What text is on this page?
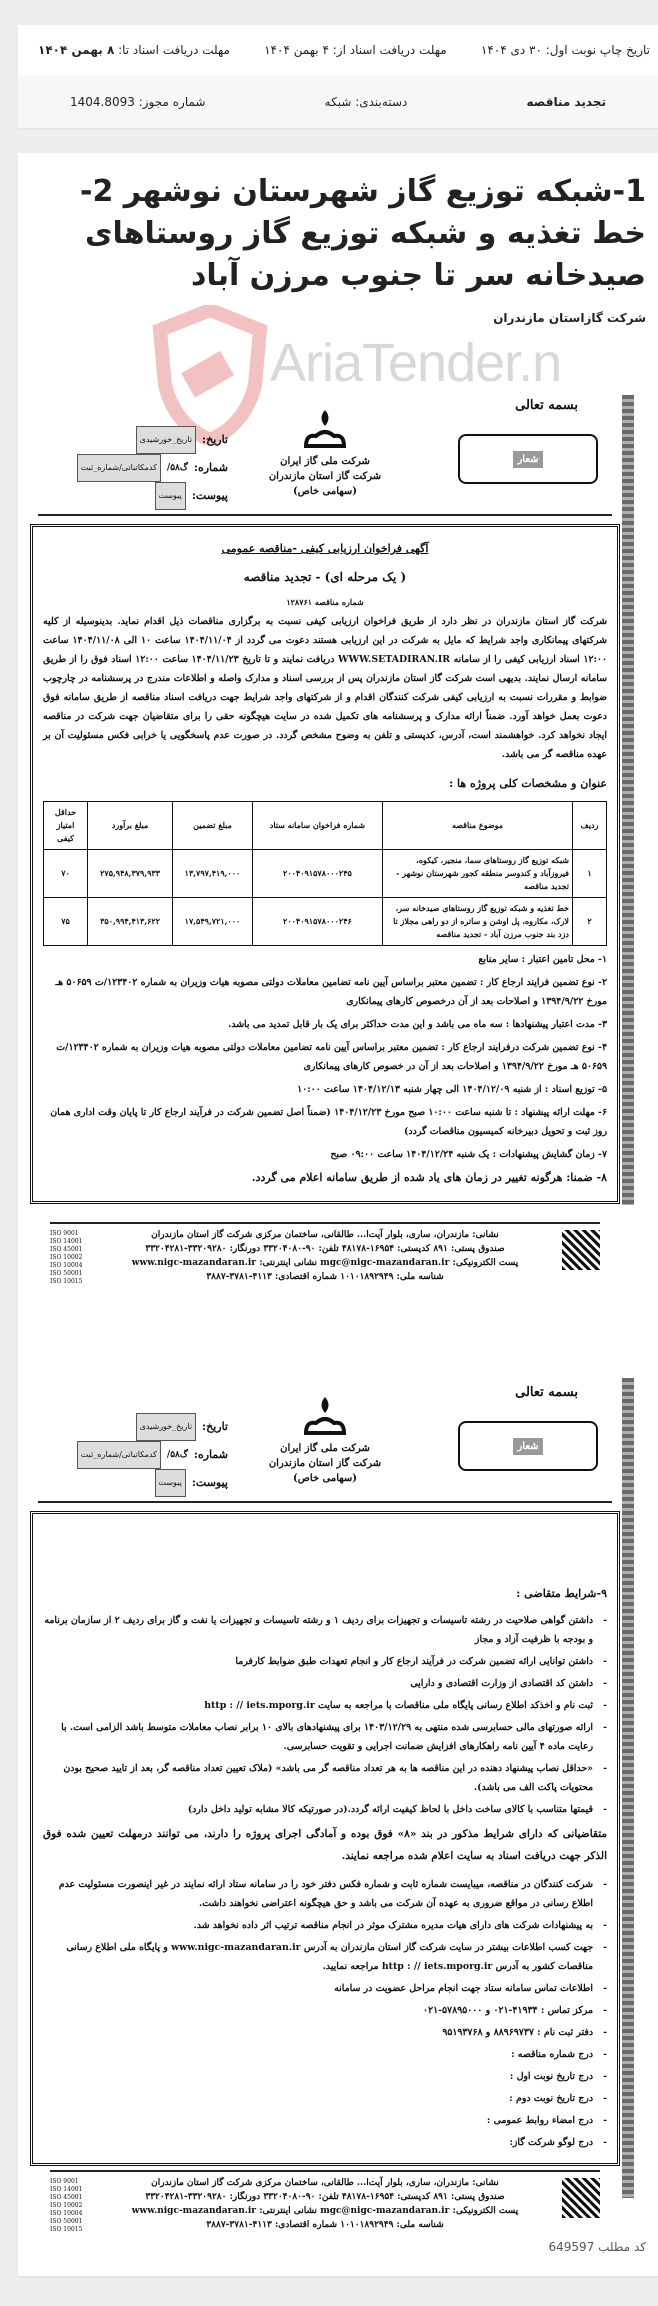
تاریخ چاپ نوبت اول: ۳۰ دی ۱۴۰۴
مهلت دریافت اسناد از: ۴ بهمن ۱۴۰۴
مهلت دریافت اسناد تا: ۸ بهمن ۱۴۰۴
تجدید مناقصه
دسته‌بندی: شبکه
شماره مجوز: 1404.8093
1-شبکه توزیع گاز شهرستان نوشهر 2-خط تغذیه و شبکه توزیع گاز روستاهای صیدخانه سر تا جنوب مرزن آباد
شرکت گازاستان مازندران
کد مطلب 649597
AriaTender.n
بسمه تعالی
شعار
شرکت ملی گاز ایران
شرکت گاز استان مازندران (سهامی خاص)
تاریخ:
تاریخ_خورشیدی
شماره:
گ۵۸/
کدمکاتباتی/شماره_ثبت
پیوست:
پیوست
آگهی فراخوان ارزیابی کیفی -مناقصه عمومی
( یک مرحله ای) - تجدید مناقصه
شماره مناقصه ۱۲۸۷۶۱

شرکت گاز استان مازندران در نظر دارد از طریق فراخوان ارزیابی کیفی نسبت به برگزاری مناقصات ذیل اقدام نماید. بدینوسیله از کلیه شرکتهای پیمانکاری واجد شرایط که مایل به شرکت در این ارزیابی هستند دعوت می گردد از ۱۴۰۴/۱۱/۰۴ ساعت ۱۰ الی ۱۴۰۴/۱۱/۰۸ ساعت ۱۲:۰۰ اسناد ارزیابی کیفی را از سامانه WWW.SETADIRAN.IR دریافت نمایند و تا تاریخ ۱۴۰۴/۱۱/۲۳ ساعت ۱۲:۰۰ اسناد فوق را از طریق سامانه ارسال نمایند. بدیهی است شرکت گاز استان مازندران پس از بررسی اسناد و مدارک واصله و اطلاعات مندرج در پرسشنامه در چارچوب ضوابط و مقررات نسبت به ارزیابی کیفی شرکت کنندگان اقدام و از شرکتهای واجد شرایط جهت دریافت اسناد مناقصه از طریق سامانه فوق دعوت بعمل خواهد آورد. ضمناً ارائه مدارک و پرسشنامه های تکمیل شده در سایت هیچگونه حقی را برای متقاضیان جهت شرکت در مناقصه ایجاد نخواهد کرد. خواهشمند است، آدرس، کدپستی و تلفن به وضوح مشخص گردد. در صورت عدم پاسخگویی یا خرابی فکس مسئولیت آن بر عهده مناقصه گر می باشد.

عنوان و مشخصات کلی پروژه ها :
ردیف	موضوع مناقصه	شماره فراخوان سامانه ستاد	مبلغ تضمین	مبلغ برآورد	حداقل امتیاز کیفی
۱	شبکه توزیع گاز روستاهای سما، منجیر، کیکوه، فیروزآباد و کندوسر منطقه کجور شهرستان نوشهر - تجدید مناقصه	۲۰۰۴۰۹۱۵۷۸۰۰۰۲۴۵	۱۳,۷۹۷,۴۱۹,۰۰۰	۲۷۵,۹۴۸,۳۷۹,۹۳۳	۷۰
۲	خط تغذیه و شبکه توزیع گاز روستاهای صیدخانه سر، لارک، مکاروه، پل اوشن و ساتره از دو راهی مجلاز تا دزد بند جنوب مرزن آباد - تجدید مناقصه	۲۰۰۴۰۹۱۵۷۸۰۰۰۲۴۶	۱۷,۵۴۹,۷۲۱,۰۰۰	۳۵۰,۹۹۴,۴۱۳,۶۲۲	۷۵
۱- محل تامین اعتبار : سایر منابع
۲- نوع تضمین فرایند ارجاع کار : تضمین معتبر براساس آیین نامه تضامین معاملات دولتی مصوبه هیات وزیران به شماره ۱۲۳۴۰۲/ت ۵۰۶۵۹ هـ مورخ ۱۳۹۴/۹/۲۲ و اصلاحات بعد از آن درخصوص کارهای پیمانکاری
۳- مدت اعتبار پیشنهادها : سه ماه می باشد و این مدت حداکثر برای یک بار قابل تمدید می باشد.
۴- نوع تضمین شرکت درفرایند ارجاع کار : تضمین معتبر براساس آیین نامه تضامین معاملات دولتی مصوبه هیات وزیران به شماره ۱۲۳۴۰۲/ت ۵۰۶۵۹ هـ مورخ ۱۳۹۴/۹/۲۲ و اصلاحات بعد از آن در خصوص کارهای پیمانکاری
۵- توزیع اسناد : از شنبه ۱۴۰۴/۱۲/۰۹ الی چهار شنبه ۱۴۰۴/۱۲/۱۳ ساعت ۱۰:۰۰
۶- مهلت ارائه پیشنهاد : تا شنبه ساعت ۱۰:۰۰ صبح مورخ ۱۴۰۴/۱۲/۲۳ (ضمناً اصل تضمین شرکت در فرآیند ارجاع کار تا پایان وقت اداری همان روز ثبت و تحویل دبیرخانه کمیسیون مناقصات گردد)
۷- زمان گشایش پیشنهادات : یک شنبه ۱۴۰۴/۱۲/۲۴ ساعت ۰۹:۰۰ صبح
۸- ضمنا: هرگونه تغییر در زمان های یاد شده از طریق سامانه اعلام می گردد.
ISO 9001 ISO 14001 ISO 45001 ISO 10002 ISO 10004 ISO 50001 ISO 10015
نشانی: مازندران، ساری، بلوار آیت‌ا... طالقانی، ساختمان مرکزی شرکت گاز استان مازندران
صندوق پستی: ۸۹۱ کدپستی: ۱۶۹۵۴-۴۸۱۷۸ تلفن: ۹۰-۳۳۲۰۴۰۸۰ دورنگار: ۳۳۲۰۹۲۸۰-۳۳۲۰۴۲۸۱
پست الکترونیکی: mgc@nigc-mazandaran.ir نشانی اینترنتی: www.nigc-mazandaran.ir
شناسه ملی: ۱۰۱۰۱۸۹۲۹۴۹ شماره اقتصادی: ۴۱۱۳-۳۷۸۱-۳۸۸۷
بسمه تعالی
شعار
شرکت ملی گاز ایران
شرکت گاز استان مازندران (سهامی خاص)
تاریخ:
تاریخ_خورشیدی
شماره:
گ۵۸/
کدمکاتباتی/شماره_ثبت
پیوست:
پیوست
۹-شرایط متقاضی :
- داشتن گواهی صلاحیت در رشته تاسیسات و تجهیزات برای ردیف ۱ و رشته تاسیسات و تجهیزات یا نفت و گاز برای ردیف ۲ از سازمان برنامه و بودجه با ظرفیت آزاد و مجاز
- داشتن توانایی ارائه تضمین شرکت در فرآیند ارجاع کار و انجام تعهدات طبق ضوابط کارفرما
- داشتن کد اقتصادی از وزارت اقتصادی و دارایی
- ثبت نام و اخذکد اطلاع رسانی پایگاه ملی مناقصات با مراجعه به سایت http : // iets.mporg.ir
- ارائه صورتهای مالی حسابرسی شده منتهی به ۱۴۰۳/۱۲/۲۹ برای پیشنهادهای بالای ۱۰ برابر نصاب معاملات متوسط باشد الزامی است. با رعایت ماده ۴ آیین نامه راهکارهای افزایش ضمانت اجرایی و تقویت حسابرسی.
- «حداقل نصاب پیشنهاد دهنده در این مناقصه ها به هر تعداد مناقصه گر می باشد» (ملاک تعیین تعداد مناقصه گر، بعد از تایید صحیح بودن محتویات پاکت الف می باشد).
- قیمتها متناسب با کالای ساخت داخل با لحاظ کیفیت ارائه گردد.(در صورتیکه کالا مشابه تولید داخل دارد)

متقاضیانی که دارای شرایط مذکور در بند «۸» فوق بوده و آمادگی اجرای پروژه را دارند، می توانند درمهلت تعیین شده فوق الذکر جهت دریافت اسناد به سایت اعلام شده مراجعه نمایند.

- شرکت کنندگان در مناقصه، میبایست شماره ثابت و شماره فکس دفتر خود را در سامانه ستاد ارائه نمایند در غیر اینصورت مسئولیت عدم اطلاع رسانی در مواقع ضروری به عهده آن شرکت می باشد و حق هیچگونه اعتراضی نخواهند داشت.
- به پیشنهادات شرکت های دارای هیات مدیره مشترک موثر در انجام مناقصه ترتیب اثر داده نخواهد شد.
- جهت کسب اطلاعات بیشتر در سایت شرکت گاز استان مازندران به آدرس www.nigc-mazandaran.ir و پایگاه ملی اطلاع رسانی مناقصات کشور به آدرس http : // iets.mporg.ir مراجعه نمایید.
- اطلاعات تماس سامانه ستاد جهت انجام مراحل عضویت در سامانه
- مرکز تماس : ۴۱۹۳۴-۰۲۱ و ۵۷۸۹۵۰۰۰-۰۲۱
- دفتر ثبت نام : ۸۸۹۶۹۷۳۷ و ۹۵۱۹۳۷۶۸
- درج شماره مناقصه :
- درج تاریخ نوبت اول :
- درج تاریخ نوبت دوم :
- درج امضاء روابط عمومی :
- درج لوگو شرکت گاز:
ISO 9001 ISO 14001 ISO 45001 ISO 10002 ISO 10004 ISO 50001 ISO 10015
نشانی: مازندران، ساری، بلوار آیت‌ا... طالقانی، ساختمان مرکزی شرکت گاز استان مازندران
صندوق پستی: ۸۹۱ کدپستی: ۱۶۹۵۴-۴۸۱۷۸ تلفن: ۹۰-۳۳۲۰۴۰۸۰ دورنگار: ۳۳۲۰۹۲۸۰-۳۳۲۰۴۲۸۱
پست الکترونیکی: mgc@nigc-mazandaran.ir نشانی اینترنتی: www.nigc-mazandaran.ir
شناسه ملی: ۱۰۱۰۱۸۹۲۹۴۹ شماره اقتصادی: ۴۱۱۳-۳۷۸۱-۳۸۸۷
